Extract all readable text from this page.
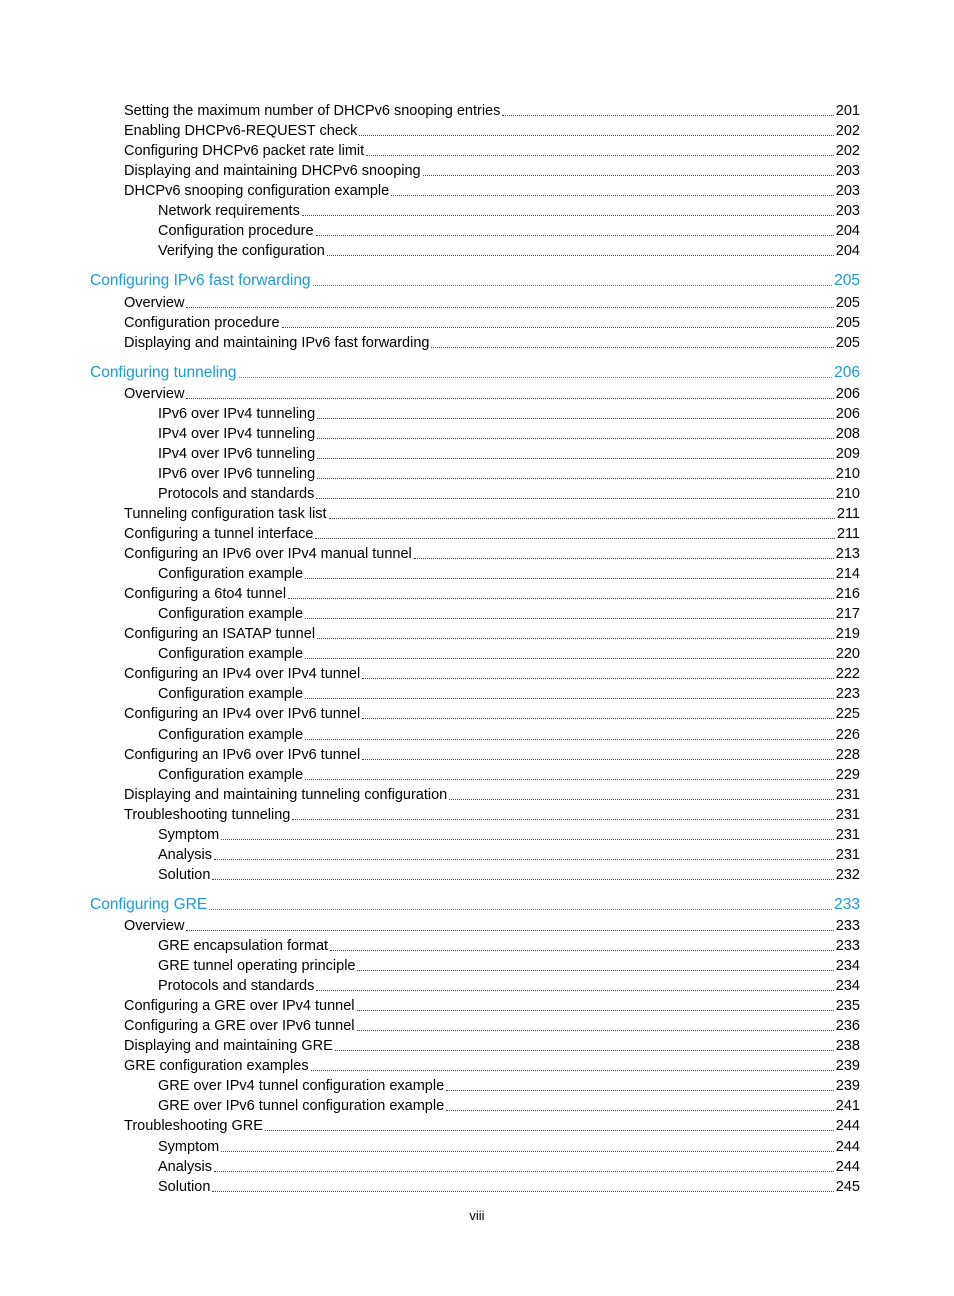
Setting the maximum number of DHCPv6 snooping entries	201
Enabling DHCPv6-REQUEST check	202
Configuring DHCPv6 packet rate limit	202
Displaying and maintaining DHCPv6 snooping	203
DHCPv6 snooping configuration example	203
Network requirements	203
Configuration procedure	204
Verifying the configuration	204
Configuring IPv6 fast forwarding	205
Overview	205
Configuration procedure	205
Displaying and maintaining IPv6 fast forwarding	205
Configuring tunneling	206
Overview	206
IPv6 over IPv4 tunneling	206
IPv4 over IPv4 tunneling	208
IPv4 over IPv6 tunneling	209
IPv6 over IPv6 tunneling	210
Protocols and standards	210
Tunneling configuration task list	211
Configuring a tunnel interface	211
Configuring an IPv6 over IPv4 manual tunnel	213
Configuration example	214
Configuring a 6to4 tunnel	216
Configuration example	217
Configuring an ISATAP tunnel	219
Configuration example	220
Configuring an IPv4 over IPv4 tunnel	222
Configuration example	223
Configuring an IPv4 over IPv6 tunnel	225
Configuration example	226
Configuring an IPv6 over IPv6 tunnel	228
Configuration example	229
Displaying and maintaining tunneling configuration	231
Troubleshooting tunneling	231
Symptom	231
Analysis	231
Solution	232
Configuring GRE	233
Overview	233
GRE encapsulation format	233
GRE tunnel operating principle	234
Protocols and standards	234
Configuring a GRE over IPv4 tunnel	235
Configuring a GRE over IPv6 tunnel	236
Displaying and maintaining GRE	238
GRE configuration examples	239
GRE over IPv4 tunnel configuration example	239
GRE over IPv6 tunnel configuration example	241
Troubleshooting GRE	244
Symptom	244
Analysis	244
Solution	245
viii
